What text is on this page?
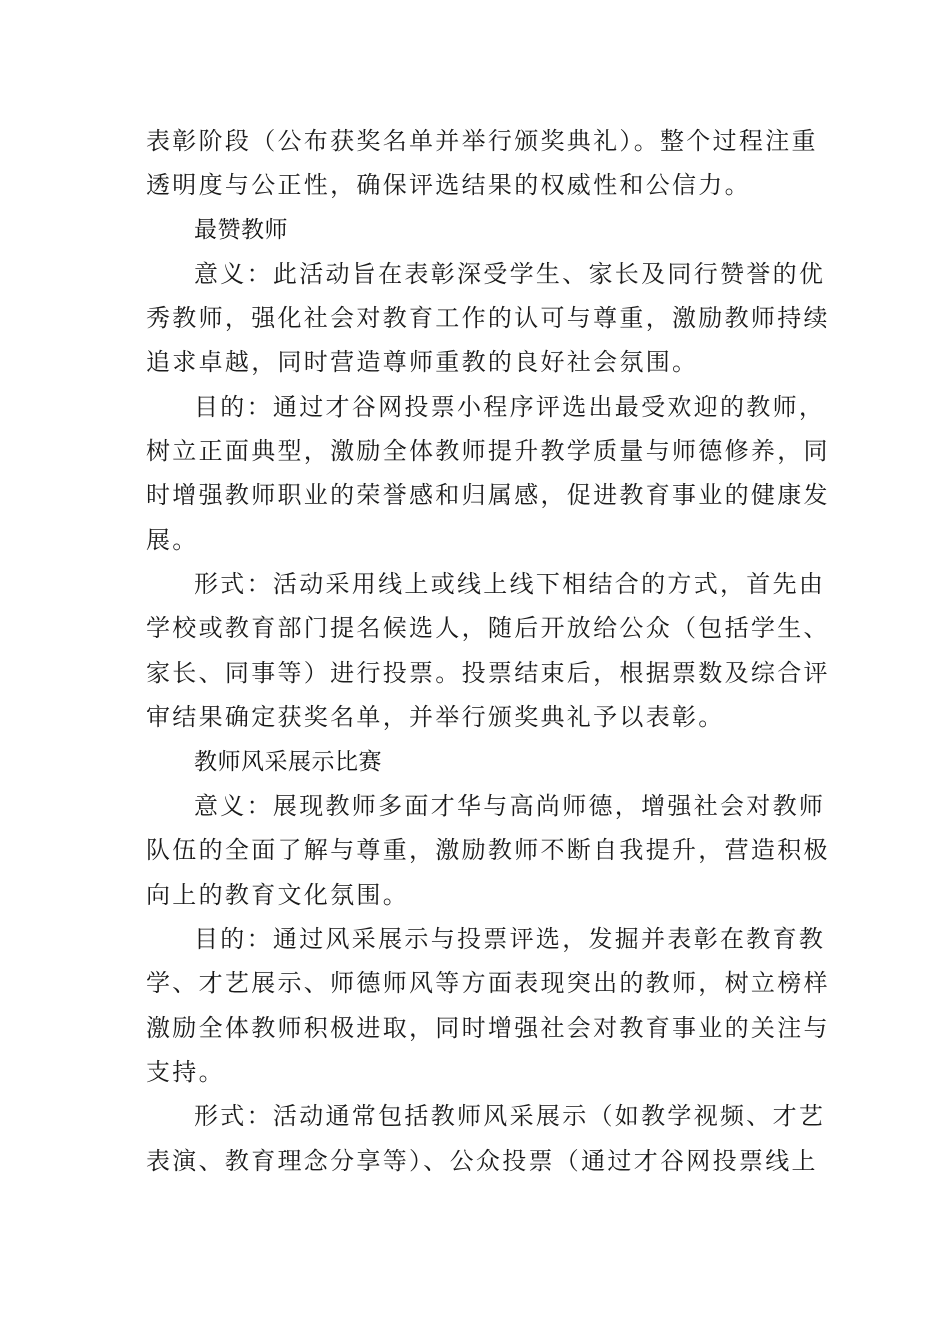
表彰阶段（公布获奖名单并举行颁奖典礼）。整个过程注重
透明度与公正性，确保评选结果的权威性和公信力。
最赞教师
意义：此活动旨在表彰深受学生、家长及同行赞誉的优
秀教师，强化社会对教育工作的认可与尊重，激励教师持续
追求卓越，同时营造尊师重教的良好社会氛围。
目的：通过才谷网投票小程序评选出最受欢迎的教师，
树立正面典型，激励全体教师提升教学质量与师德修养，同
时增强教师职业的荣誉感和归属感，促进教育事业的健康发
展。
形式：活动采用线上或线上线下相结合的方式，首先由
学校或教育部门提名候选人，随后开放给公众（包括学生、
家长、同事等）进行投票。投票结束后，根据票数及综合评
审结果确定获奖名单，并举行颁奖典礼予以表彰。
教师风采展示比赛
意义：展现教师多面才华与高尚师德，增强社会对教师
队伍的全面了解与尊重，激励教师不断自我提升，营造积极
向上的教育文化氛围。
目的：通过风采展示与投票评选，发掘并表彰在教育教
学、才艺展示、师德师风等方面表现突出的教师，树立榜样
激励全体教师积极进取，同时增强社会对教育事业的关注与
支持。
形式：活动通常包括教师风采展示（如教学视频、才艺
表演、教育理念分享等）、公众投票（通过才谷网投票线上
